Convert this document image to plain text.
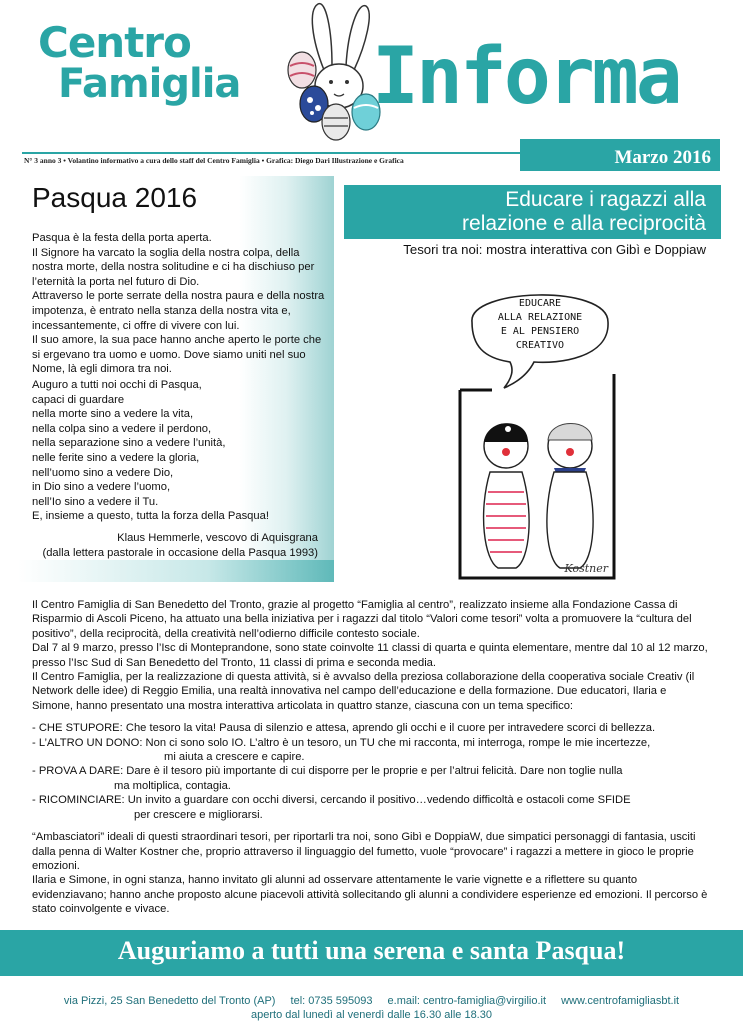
Centro
Famiglia Informa
N° 3 anno 3 • Volantino informativo a cura dello staff del Centro Famiglia • Grafica: Diego Dari Illustrazione e Grafica	Marzo 2016
Pasqua 2016

Pasqua è la festa della porta aperta.

Il Signore ha varcato la soglia della nostra colpa, della nostra morte, della nostra solitudine e ci ha dischiuso per l’eternità la porta nel futuro di Dio.

Attraverso le porte serrate della nostra paura e della nostra impotenza, è entrato nella stanza della nostra vita e, incessantemente, ci offre di vivere con lui.

Il suo amore, la sua pace hanno anche aperto le porte che si ergevano tra uomo e uomo. Dove siamo uniti nel suo Nome, là egli dimora tra noi.

Auguro a tutti noi occhi di Pasqua,
capaci di guardare
nella morte sino a vedere la vita,
nella colpa sino a vedere il perdono,
nella separazione sino a vedere l’unità,
nelle ferite sino a vedere la gloria,
nell’uomo sino a vedere Dio,
in Dio sino a vedere l’uomo,
nell’Io sino a vedere il Tu.
E, insieme a questo, tutta la forza della Pasqua!
Klaus Hemmerle, vescovo di Aquisgrana
(dalla lettera pastorale in occasione della Pasqua 1993)
Educare i ragazzi alla
relazione e alla reciprocità
Tesori tra noi: mostra interattiva con Gibì e Doppiaw
EDUCARE
ALLA RELAZIONE
E AL PENSIERO
CREATIVO
Kostner

Il Centro Famiglia di San Benedetto del Tronto, grazie al progetto “Famiglia al centro”, realizzato insieme alla Fondazione Cassa di Risparmio di Ascoli Piceno, ha attuato una bella iniziativa per i ragazzi dal titolo “Valori come tesori” volta a promuovere la “cultura del positivo”, della reciprocità, della creatività nell’odierno difficile contesto sociale.

Dal 7 al 9 marzo, presso l’Isc di Monteprandone, sono state coinvolte 11 classi di quarta e quinta elementare, mentre dal 10 al 12 marzo, presso l’Isc Sud di San Benedetto del Tronto, 11 classi di prima e seconda media.

Il Centro Famiglia, per la realizzazione di questa attività, si è avvalso della preziosa collaborazione della cooperativa sociale Creativ (il Network delle idee) di Reggio Emilia, una realtà innovativa nel campo dell’educazione e della formazione. Due educatori, Ilaria e Simone, hanno presentato una mostra interattiva articolata in quattro stanze, ciascuna con un tema specifico:

- CHE STUPORE: Che tesoro la vita! Pausa di silenzio e attesa, aprendo gli occhi e il cuore per intravedere scorci di bellezza.

- L’ALTRO UN DONO: Non ci sono solo IO. L’altro è un tesoro, un TU che mi racconta, mi interroga, rompe le mie incertezze,
mi aiuta a crescere e capire.

- PROVA A DARE: Dare è il tesoro più importante di cui disporre per le proprie e per l’altrui felicità. Dare non toglie nulla
ma moltiplica, contagia.

- RICOMINCIARE: Un invito a guardare con occhi diversi, cercando il positivo…vedendo difficoltà e ostacoli come SFIDE
per crescere e migliorarsi.

“Ambasciatori” ideali di questi straordinari tesori, per riportarli tra noi, sono Gibì e DoppiaW, due simpatici personaggi di fantasia, usciti dalla penna di Walter Kostner che, proprio attraverso il linguaggio del fumetto, vuole “provocare” i ragazzi a mettere in gioco le proprie emozioni.

Ilaria e Simone, in ogni stanza, hanno invitato gli alunni ad osservare attentamente le varie vignette e a riflettere su quanto evidenziavano; hanno anche proposto alcune piacevoli attività sollecitando gli alunni a condividere esperienze ed emozioni. Il percorso è stato coinvolgente e vivace.

Auguriamo a tutti una serena e santa Pasqua!
via Pizzi, 25 San Benedetto del Tronto (AP) tel: 0735 595093 e.mail: centro-famiglia@virgilio.it www.centrofamigliasbt.it
aperto dal lunedì al venerdì dalle 16.30 alle 18.30
